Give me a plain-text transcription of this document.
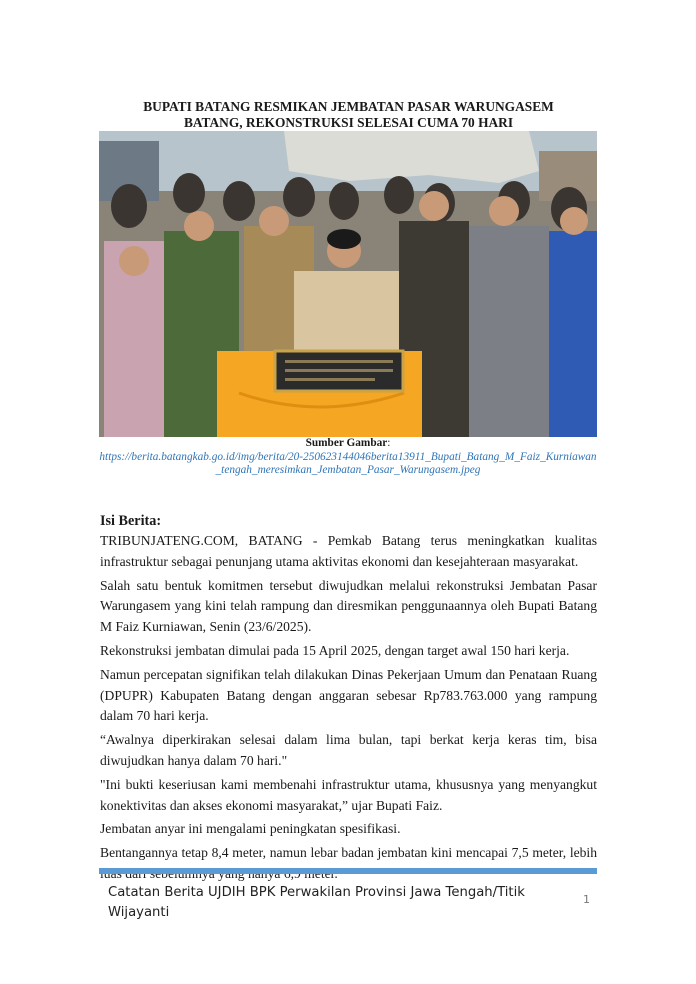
BUPATI BATANG RESMIKAN JEMBATAN PASAR WARUNGASEM
BATANG, REKONSTRUKSI SELESAI CUMA 70 HARI
Sumber Gambar:
https://berita.batangkab.go.id/img/berita/20-250623144046berita13911_Bupati_Batang_M_Faiz_Kurniawan_tengah_meresimkan_Jembatan_Pasar_Warungasem.jpeg
Isi Berita:

TRIBUNJATENG.COM, BATANG - Pemkab Batang terus meningkatkan kualitas infrastruktur sebagai penunjang utama aktivitas ekonomi dan kesejahteraan masyarakat.

Salah satu bentuk komitmen tersebut diwujudkan melalui rekonstruksi Jembatan Pasar Warungasem yang kini telah rampung dan diresmikan penggunaannya oleh Bupati Batang M Faiz Kurniawan, Senin (23/6/2025).

Rekonstruksi jembatan dimulai pada 15 April 2025, dengan target awal 150 hari kerja.

Namun percepatan signifikan telah dilakukan Dinas Pekerjaan Umum dan Penataan Ruang (DPUPR) Kabupaten Batang dengan anggaran sebesar Rp783.763.000 yang rampung dalam 70 hari kerja.

“Awalnya diperkirakan selesai dalam lima bulan, tapi berkat kerja keras tim, bisa diwujudkan hanya dalam 70 hari."

"Ini bukti keseriusan kami membenahi infrastruktur utama, khususnya yang menyangkut konektivitas dan akses ekonomi masyarakat,” ujar Bupati Faiz.

Jembatan anyar ini mengalami peningkatan spesifikasi.

Bentangannya tetap 8,4 meter, namun lebar badan jembatan kini mencapai 7,5 meter, lebih

Catatan Berita UJDIH BPK Perwakilan Provinsi Jawa Tengah/Titik Wijayanti
1
